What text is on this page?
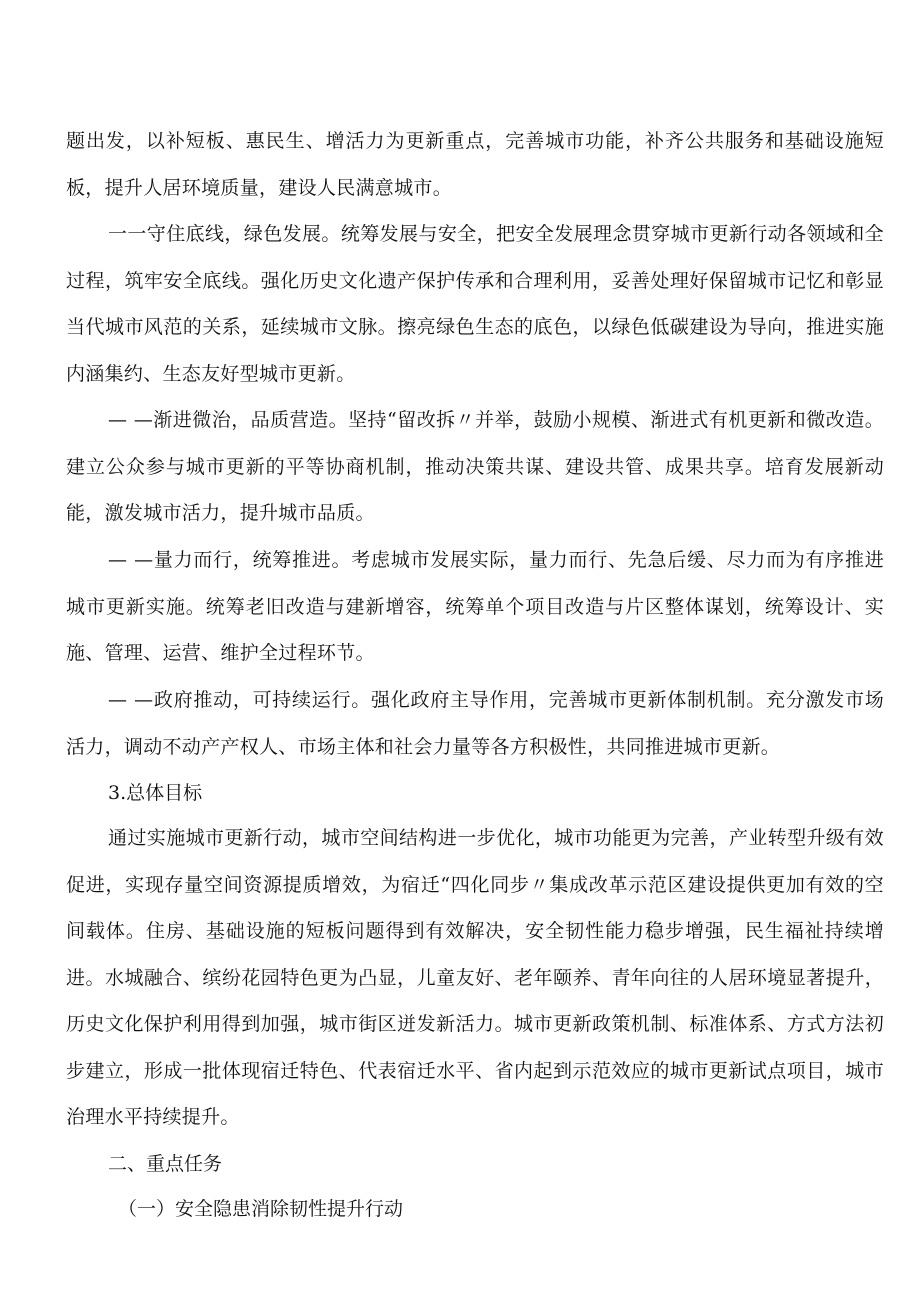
题出发，以补短板、惠民生、增活力为更新重点，完善城市功能，补齐公共服务和基础设施短板，提升人居环境质量，建设人民满意城市。

一一守住底线，绿色发展。统筹发展与安全，把安全发展理念贯穿城市更新行动各领域和全过程，筑牢安全底线。强化历史文化遗产保护传承和合理利用，妥善处理好保留城市记忆和彰显当代城市风范的关系，延续城市文脉。擦亮绿色生态的底色，以绿色低碳建设为导向，推进实施内涵集约、生态友好型城市更新。

— —渐进微治，品质营造。坚持“留改拆〃并举，鼓励小规模、渐进式有机更新和微改造。建立公众参与城市更新的平等协商机制，推动决策共谋、建设共管、成果共享。培育发展新动能，激发城市活力，提升城市品质。

— —量力而行，统筹推进。考虑城市发展实际，量力而行、先急后缓、尽力而为有序推进城市更新实施。统筹老旧改造与建新增容，统筹单个项目改造与片区整体谋划，统筹设计、实施、管理、运营、维护全过程环节。

— —政府推动，可持续运行。强化政府主导作用，完善城市更新体制机制。充分激发市场活力，调动不动产产权人、市场主体和社会力量等各方积极性，共同推进城市更新。

3.总体目标

通过实施城市更新行动，城市空间结构进一步优化，城市功能更为完善，产业转型升级有效促进，实现存量空间资源提质增效，为宿迁“四化同步〃集成改革示范区建设提供更加有效的空间载体。住房、基础设施的短板问题得到有效解决，安全韧性能力稳步增强，民生福祉持续增进。水城融合、缤纷花园特色更为凸显，儿童友好、老年颐养、青年向往的人居环境显著提升，历史文化保护利用得到加强，城市街区迸发新活力。城市更新政策机制、标准体系、方式方法初步建立，形成一批体现宿迁特色、代表宿迁水平、省内起到示范效应的城市更新试点项目，城市治理水平持续提升。

二、重点任务
（一）安全隐患消除韧性提升行动
